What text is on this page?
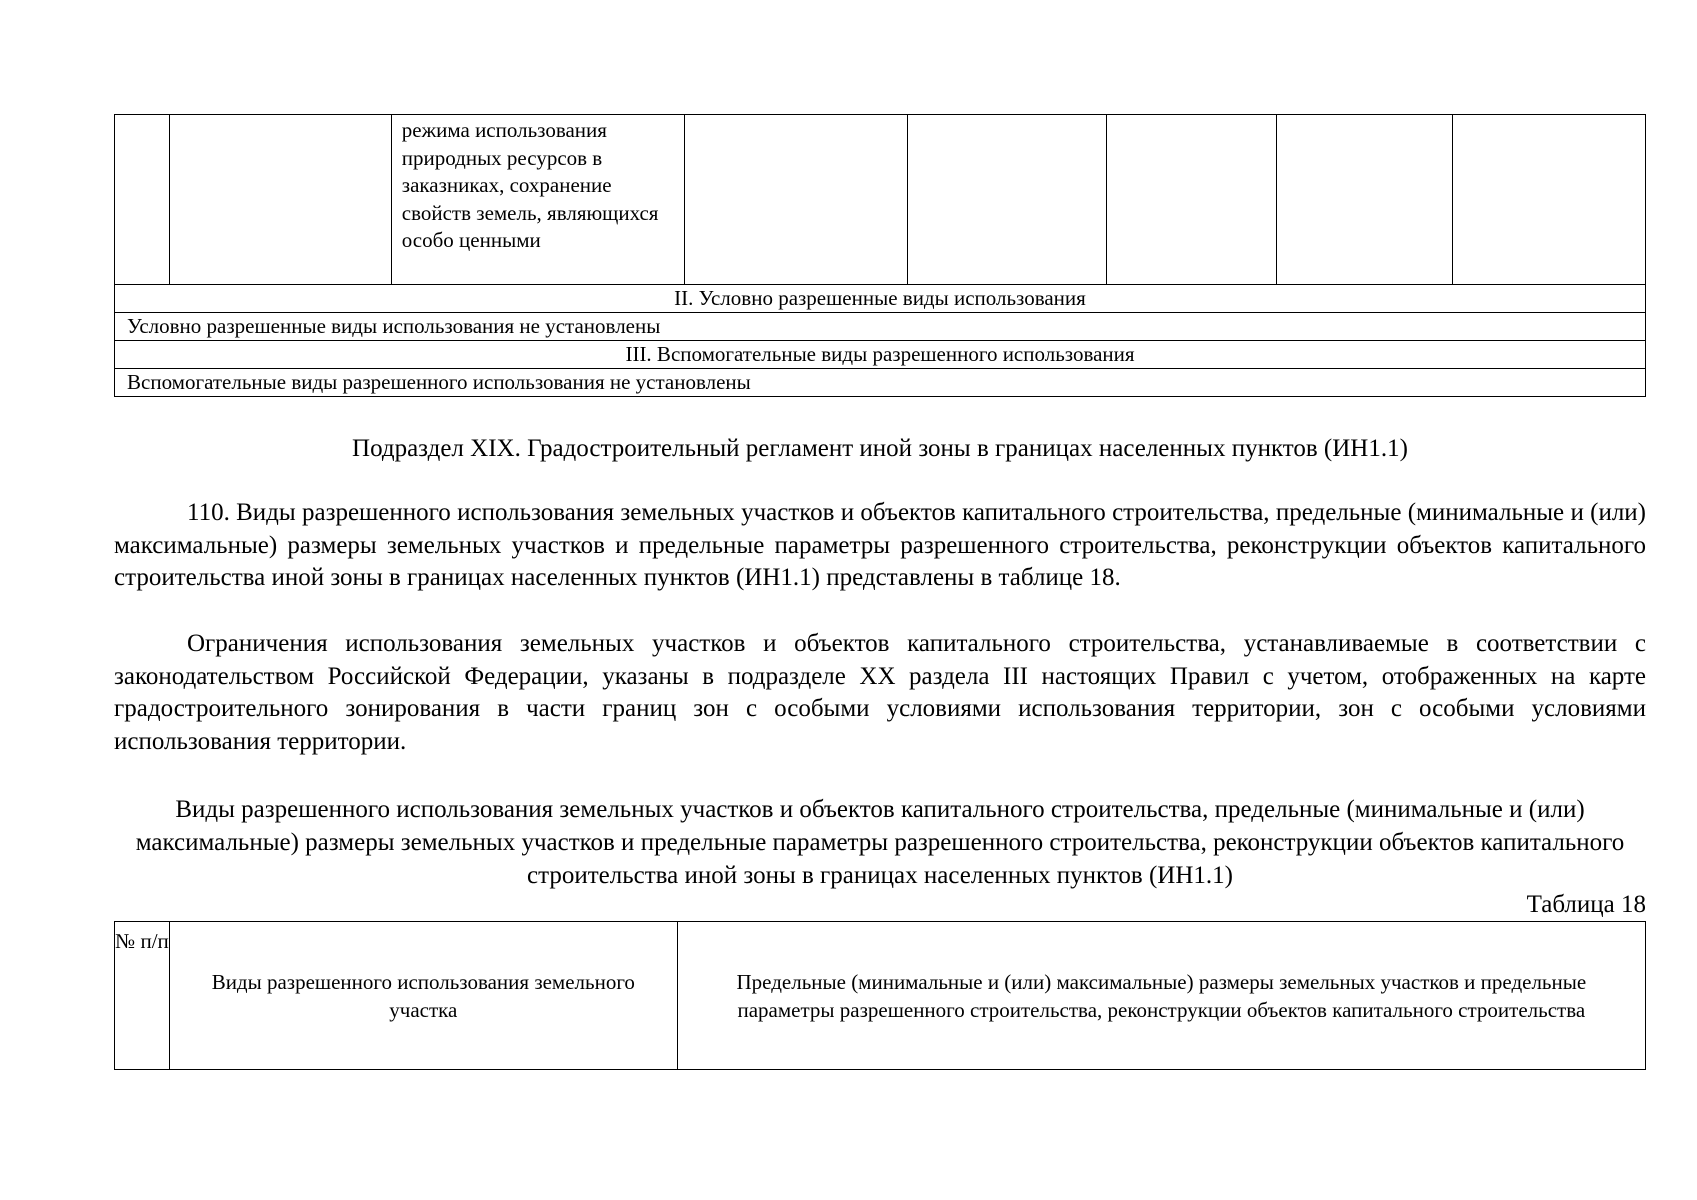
		режима использования природных ресурсов в заказниках, сохранение свойств земель, являющихся особо ценными					
II. Условно разрешенные виды использования
Условно разрешенные виды использования не установлены
III. Вспомогательные виды разрешенного использования
Вспомогательные виды разрешенного использования не установлены
Подраздел XIX. Градостроительный регламент иной зоны в границах населенных пунктов (ИН1.1)

110. Виды разрешенного использования земельных участков и объектов капитального строительства, предельные (минимальные и (или) максимальные) размеры земельных участков и предельные параметры разрешенного строительства, реконструкции объектов капитального строительства иной зоны в границах населенных пунктов (ИН1.1) представлены в таблице 18.

Ограничения использования земельных участков и объектов капитального строительства, устанавливаемые в соответствии с законодательством Российской Федерации, указаны в подразделе XX раздела III настоящих Правил с учетом, отображенных на карте градостроительного зонирования в части границ зон с особыми условиями использования территории, зон с особыми условиями использования территории.

Виды разрешенного использования земельных участков и объектов капитального строительства, предельные (минимальные и (или) максимальные) размеры земельных участков и предельные параметры разрешенного строительства, реконструкции объектов капитального строительства иной зоны в границах населенных пунктов (ИН1.1)

Таблица 18
№ п/п	Виды разрешенного использования земельного участка	Предельные (минимальные и (или) максимальные) размеры земельных участков и предельные параметры разрешенного строительства, реконструкции объектов капитального строительства
